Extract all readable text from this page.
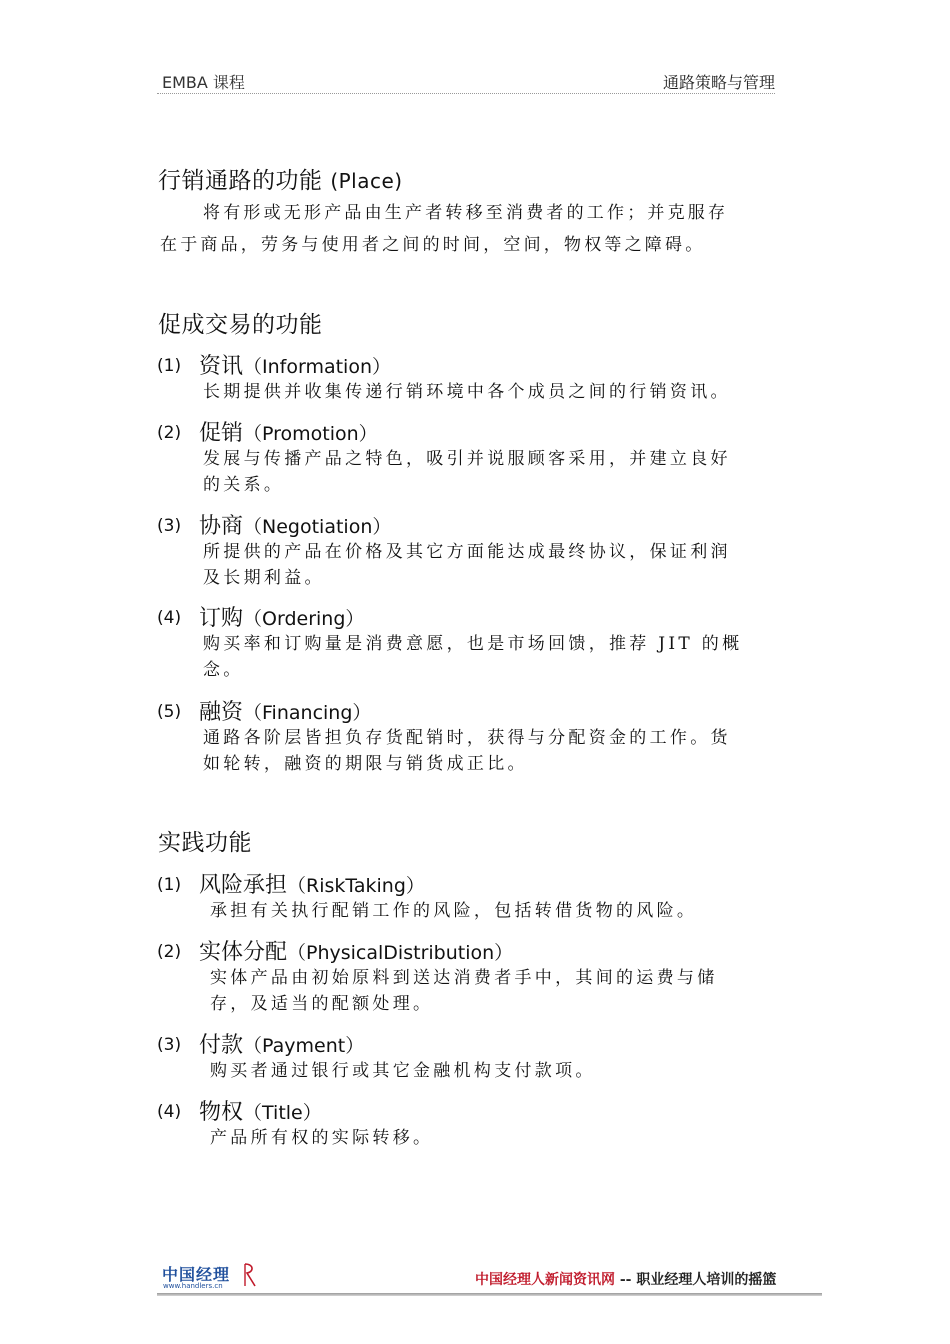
EMBA 课程	通路策略与管理
行销通路的功能 (Place)
将有形或无形产品由生产者转移至消费者的工作；并克服存
在于商品，劳务与使用者之间的时间，空间，物权等之障碍。
促成交易的功能
(1) 资讯（Information）
长期提供并收集传递行销环境中各个成员之间的行销资讯。
(2) 促销（Promotion）
发展与传播产品之特色，吸引并说服顾客采用，并建立良好
的关系。
(3) 协商（Negotiation）
所提供的产品在价格及其它方面能达成最终协议，保证利润
及长期利益。
(4) 订购（Ordering）
购买率和订购量是消费意愿，也是市场回馈，推荐 JIT 的概
念。
(5) 融资（Financing）
通路各阶层皆担负存货配销时，获得与分配资金的工作。货
如轮转，融资的期限与销货成正比。
实践功能
(1) 风险承担（RiskTaking）
承担有关执行配销工作的风险，包括转借货物的风险。
(2) 实体分配（PhysicalDistribution）
实体产品由初始原料到送达消费者手中，其间的运费与储
存，及适当的配额处理。
(3) 付款（Payment）
购买者通过银行或其它金融机构支付款项。
(4) 物权（Title）
产品所有权的实际转移。
中国经理
www.handlers.cn	中国经理人新闻资讯网 -- 职业经理人培训的摇篮
